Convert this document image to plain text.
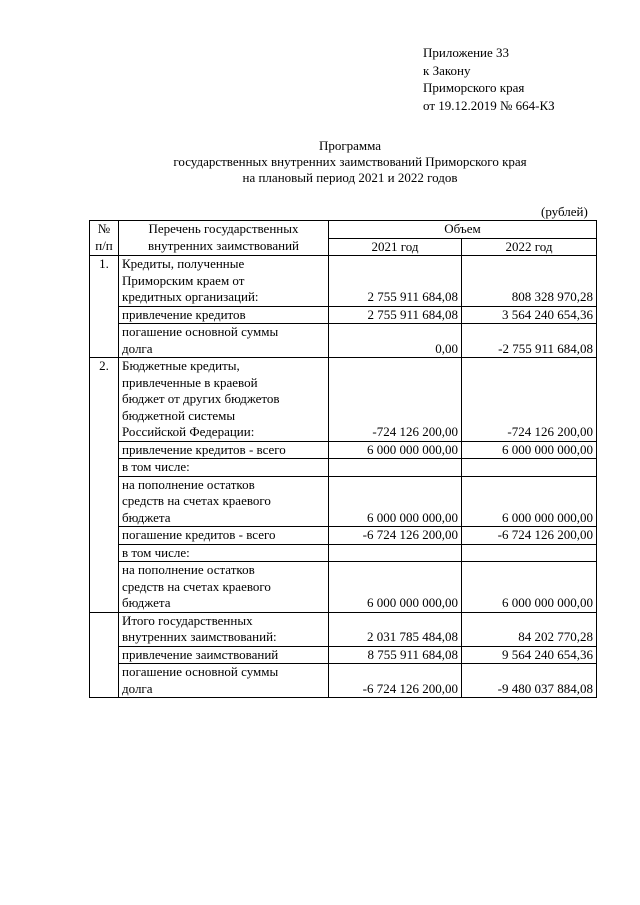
Приложение 33
к Закону
Приморского края
от 19.12.2019 № 664-КЗ
Программа
государственных внутренних заимствований Приморского края
на плановый период 2021 и 2022 годов
(рублей)
№
п/п	Перечень государственных
внутренних заимствований	Объем	
		2021 год	2022 год
1.	Кредиты, полученные
Приморским краем от
кредитных организаций:	2 755 911 684,08	808 328 970,28
	привлечение кредитов	2 755 911 684,08	3 564 240 654,36
	погашение основной суммы
долга	0,00	-2 755 911 684,08
2.	Бюджетные кредиты,
привлеченные в краевой
бюджет от других бюджетов
бюджетной системы
Российской Федерации:	-724 126 200,00	-724 126 200,00
	привлечение кредитов - всего	6 000 000 000,00	6 000 000 000,00
	в том числе:		
	на пополнение остатков
средств на счетах краевого
бюджета	6 000 000 000,00	6 000 000 000,00
	погашение кредитов - всего	-6 724 126 200,00	-6 724 126 200,00
	в том числе:		
	на пополнение остатков
средств на счетах краевого
бюджета	6 000 000 000,00	6 000 000 000,00
	Итого государственных
внутренних заимствований:	2 031 785 484,08	84 202 770,28
	привлечение заимствований	8 755 911 684,08	9 564 240 654,36
	погашение основной суммы
долга	-6 724 126 200,00	-9 480 037 884,08
